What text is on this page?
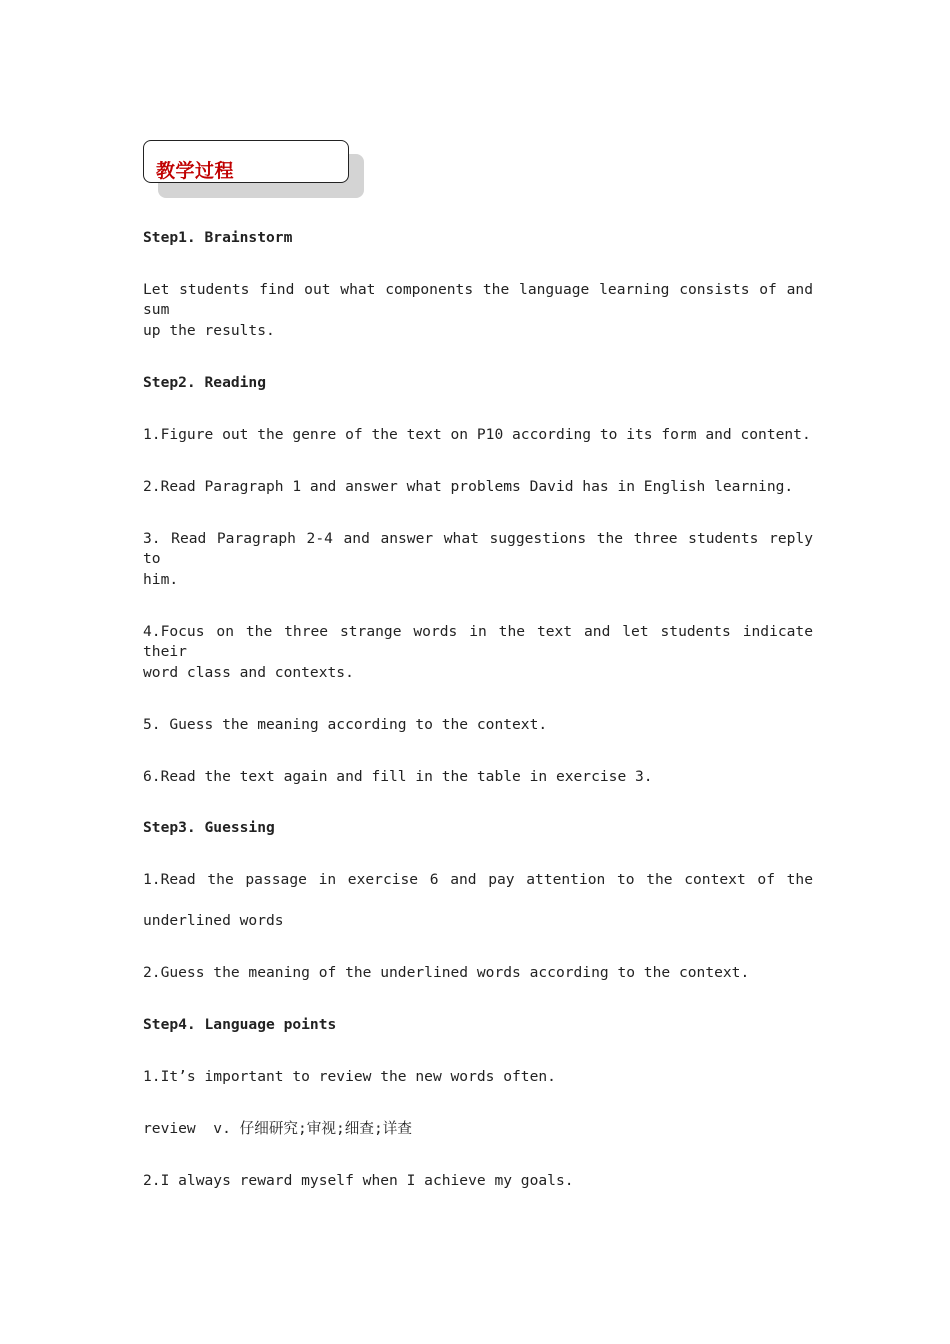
教学过程
Step1. Brainstorm
Let students find out what components the language learning consists of and sum
up the results.
Step2. Reading
1.Figure out the genre of the text on P10 according to its form and content.
2.Read Paragraph 1 and answer what problems David has in English learning.
3. Read Paragraph 2-4 and answer what suggestions the three students reply to
him.
4.Focus on the three strange words in the text and let students indicate their
word class and contexts.
5. Guess the meaning according to the context.
6.Read the text again and fill in the table in exercise 3.
Step3. Guessing
1.Read the passage in exercise 6 and pay attention to the context of the
underlined words
2.Guess the meaning of the underlined words according to the context.
Step4. Language points
1.It’s important to review the new words often.
review  v. 仔细研究;审视;细查;详查
2.I always reward myself when I achieve my goals.
